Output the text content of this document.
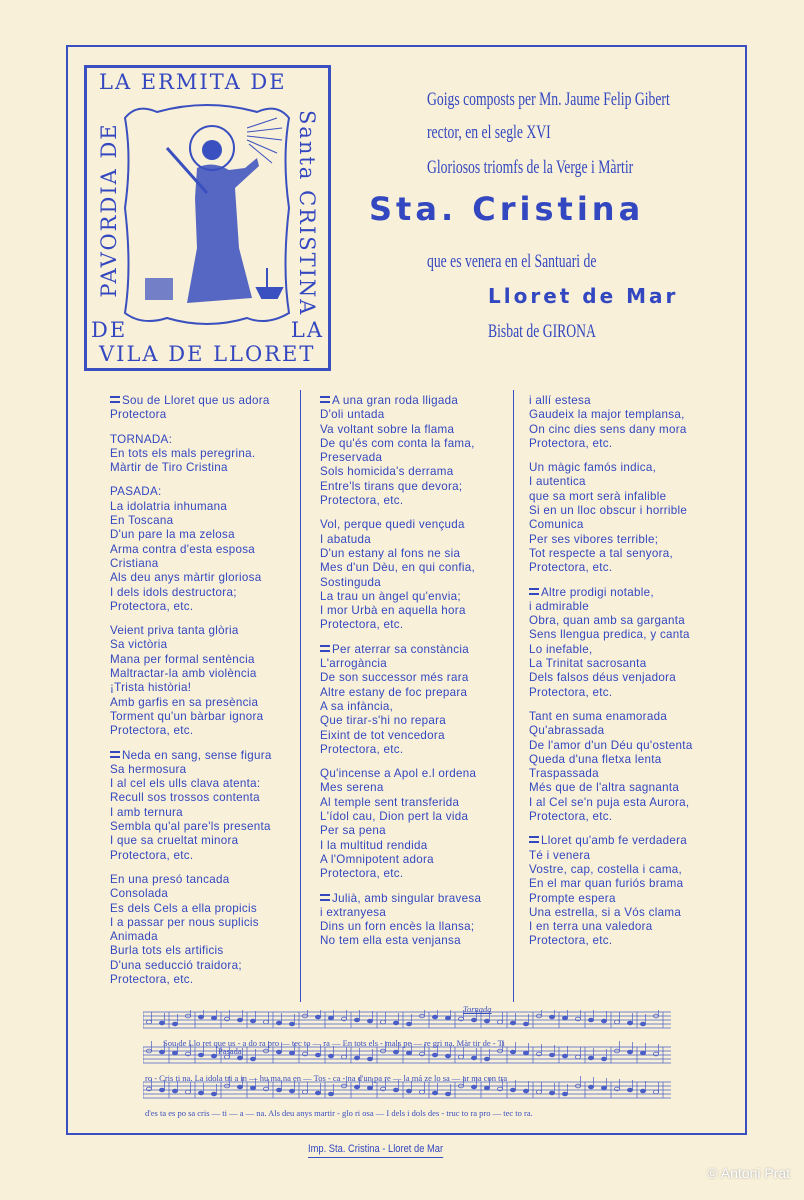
LA ERMITA DE
PAVORDIA DE	Santa CRISTINA
DE	LA
VILA DE LLORET
Goigs composts per Mn. Jaume Felip Gibert
rector, en el segle XVI
Gloriosos triomfs de la Verge i Màrtir
Sta. Cristina
que es venera en el Santuari de
Lloret de Mar
Bisbat de GIRONA
Sou de Lloret que us adora
Protectora
TORNADA:
En tots els mals peregrina.
Màrtir de Tiro Cristina
PASADA:
La idolatria inhumana
En Toscana
D'un pare la ma zelosa
Arma contra d'esta esposa
Cristiana
Als deu anys màrtir gloriosa
I dels idols destructora;
Protectora, etc.
Veient priva tanta glòria
Sa victòria
Mana per formal sentència
Maltractar-la amb violència
¡Trista història!
Amb garfis en sa presència
Torment qu'un bàrbar ignora
Protectora, etc.
Neda en sang, sense figura
Sa hermosura
I al cel els ulls clava atenta:
Recull sos trossos contenta
I amb ternura
Sembla qu'al pare'ls presenta
I que sa crueltat minora
Protectora, etc.
En una presó tancada
Consolada
Es dels Cels a ella propicis
I a passar per nous suplicis
Animada
Burla tots els artificis
D'una seducció traidora;
Protectora, etc.
A una gran roda lligada
D'oli untada
Va voltant sobre la flama
De qu'és com conta la fama,
Preservada
Sols homicida's derrama
Entre'ls tirans que devora;
Protectora, etc.
Vol, perque quedi vençuda
I abatuda
D'un estany al fons ne sia
Mes d'un Dèu, en qui confia,
Sostinguda
La trau un àngel qu'envia;
I mor Urbà en aquella hora
Protectora, etc.
Per aterrar sa constància
L'arrogància
De son successor més rara
Altre estany de foc prepara
A sa infància,
Que tirar-s'hi no repara
Eixint de tot vencedora
Protectora, etc.
Qu'incense a Apol e.l ordena
Mes serena
Al temple sent transferida
L'ídol cau, Dion pert la vida
Per sa pena
I la multitud rendida
A l'Omnipotent adora
Protectora, etc.
Julià, amb singular bravesa
i extranyesa
Dins un forn encès la llansa;
No tem ella esta venjansa
i allí estesa
Gaudeix la major templansa,
On cinc dies sens dany mora
Protectora, etc.
Un màgic famós indica,
I autentica
que sa mort serà infalible
Si en un lloc obscur i horrible
Comunica
Per ses vibores terrible;
Tot respecte a tal senyora,
Protectora, etc.
Altre prodigi notable,
i admirable
Obra, quan amb sa garganta
Sens llengua predica, y canta
Lo inefable,
La Trinitat sacrosanta
Dels falsos déus venjadora
Protectora, etc.
Tant en suma enamorada
Qu'abrassada
De l'amor d'un Déu qu'ostenta
Queda d'una fletxa lenta
Traspassada
Més que de l'altra sagnanta
I al Cel se'n puja esta Aurora,
Protectora, etc.
Lloret qu'amb fe verdadera
Té i venera
Vostre, cap, costella i cama,
En el mar quan furiós brama
Prompte espera
Una estrella, si a Vós clama
I en terra una valedora
Protectora, etc.
Tornada
Pasada
Sou de Llo ret que us - a do ra pro — tec to — ra — En tots els - mals pe — re gri na. Màr tir de - Ti
ro - Cris ti na. La idola tri a in — hu ma na en — Tos - ca - na d'un pa re — la má ze lo sa — ar ma con tra
d'es ta es po sa cris — ti — a — na. Als deu anys martir - glo ri osa — I dels i dols des - truc to ra pro — tec to ra.
Imp. Sta. Cristina - Lloret de Mar
© Antoni Prat
